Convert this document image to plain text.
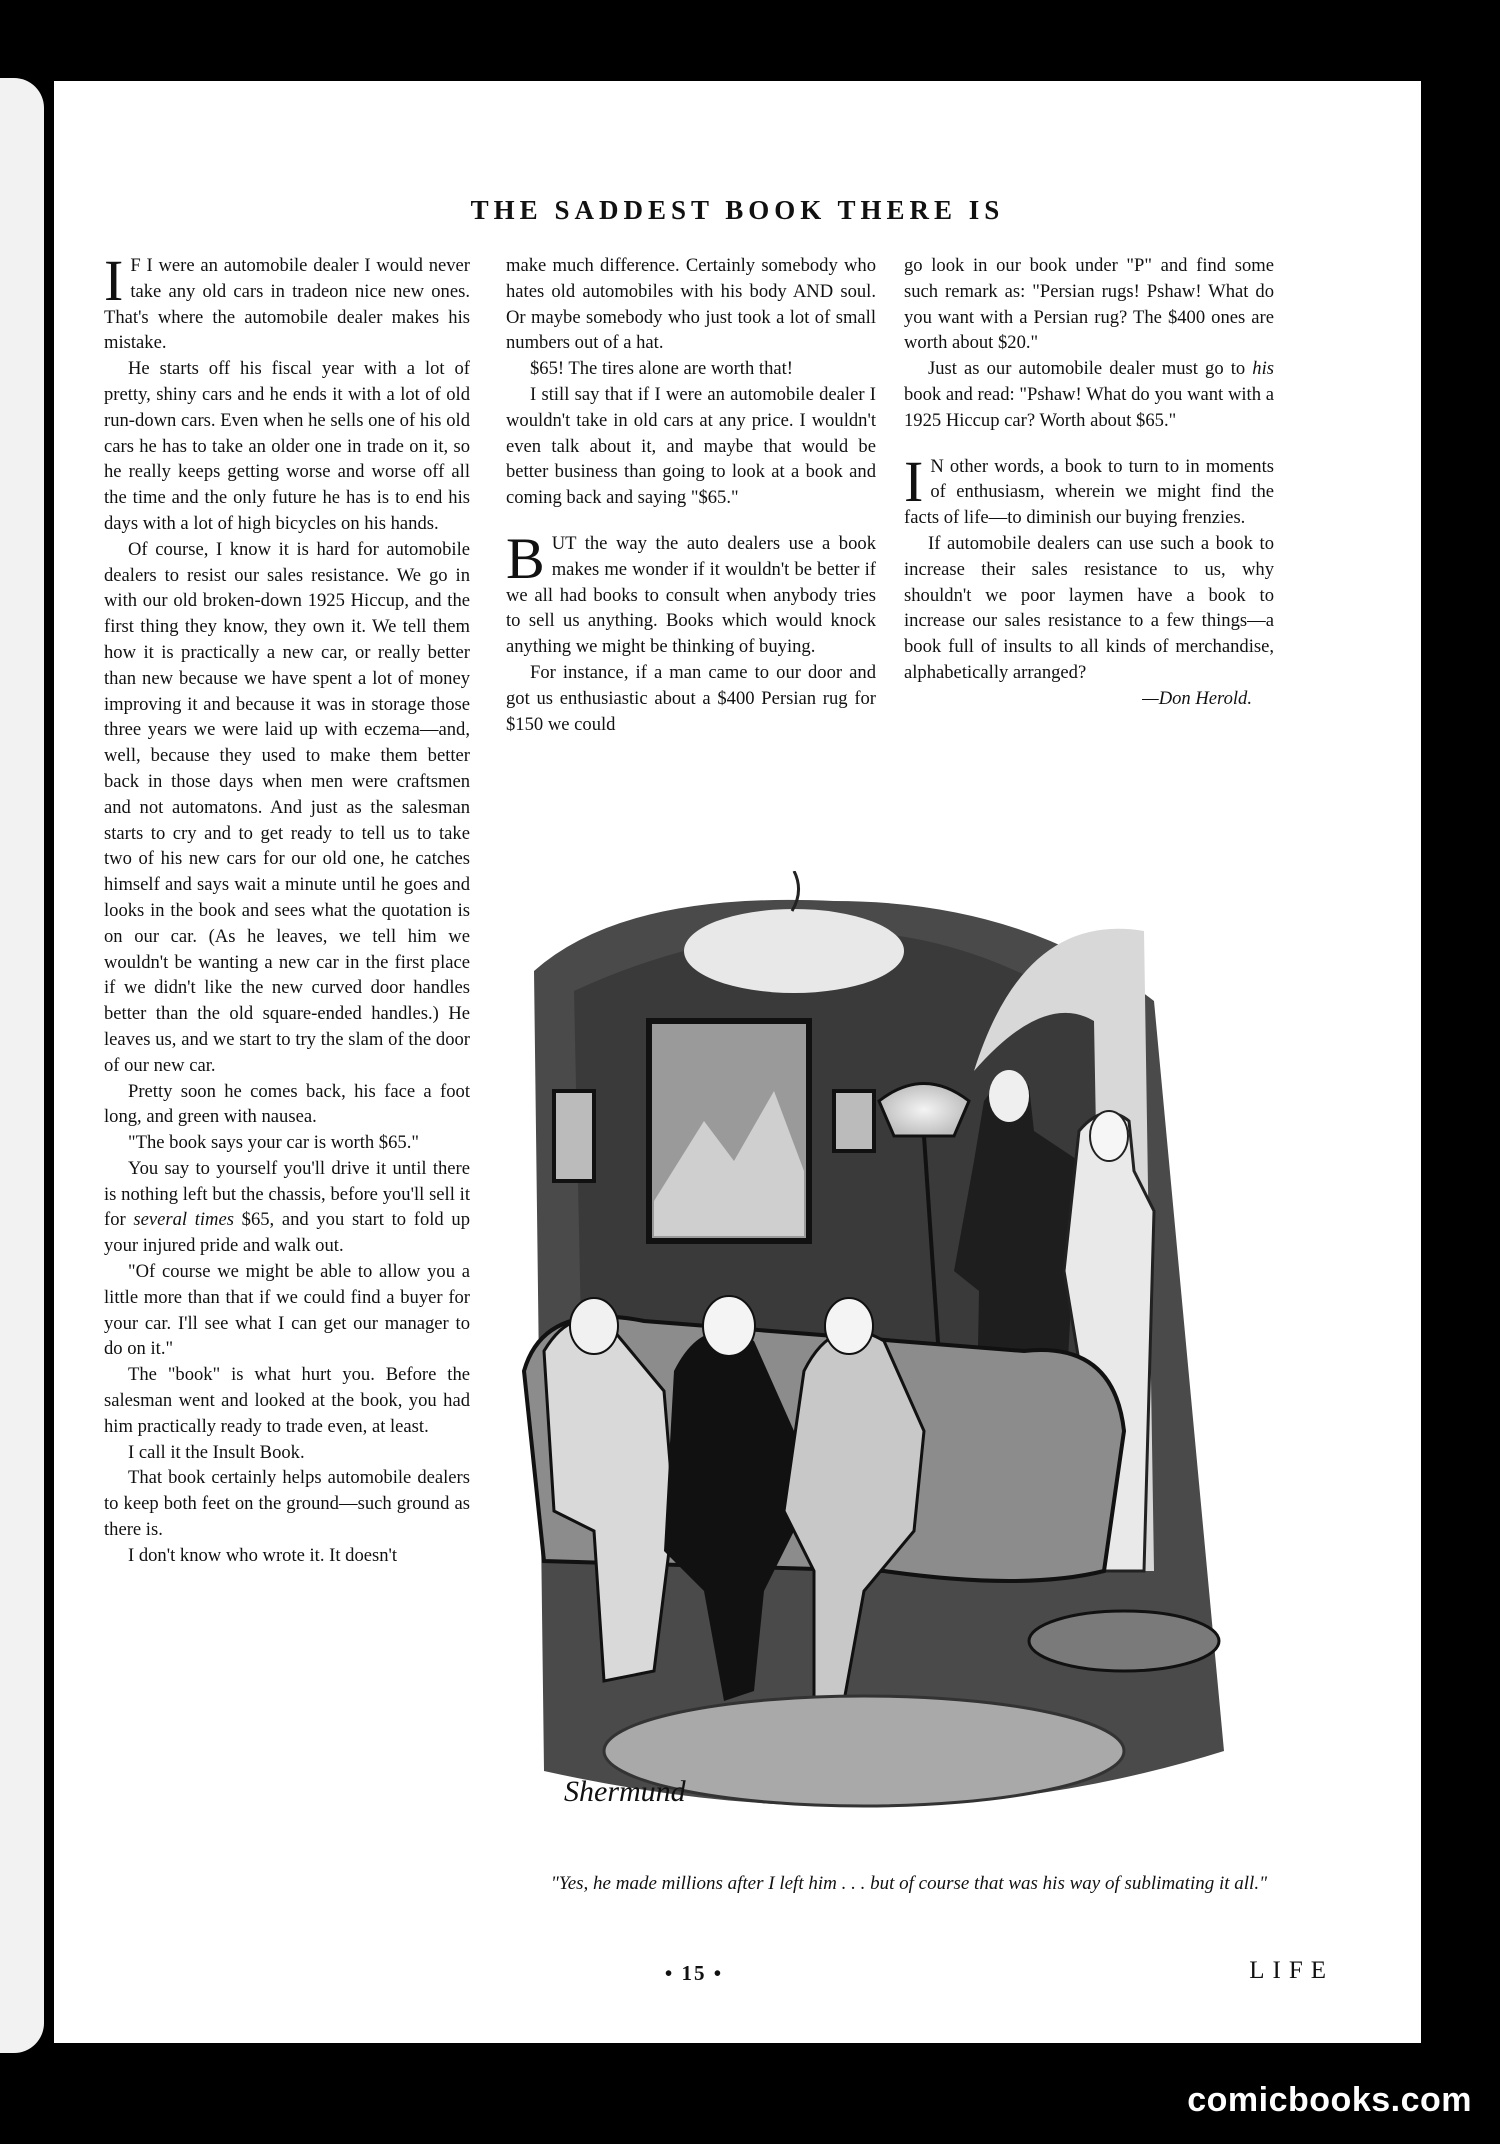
THE SADDEST BOOK THERE IS

I F I were an automobile dealer I would never take any old cars in tradeon nice new ones. That's where the automobile dealer makes his mistake.

He starts off his fiscal year with a lot of pretty, shiny cars and he ends it with a lot of old run-down cars. Even when he sells one of his old cars he has to take an older one in trade on it, so he really keeps getting worse and worse off all the time and the only future he has is to end his days with a lot of high bicycles on his hands.

Of course, I know it is hard for automobile dealers to resist our sales resistance. We go in with our old broken-down 1925 Hiccup, and the first thing they know, they own it. We tell them how it is practically a new car, or really better than new because we have spent a lot of money improving it and because it was in storage those three years we were laid up with eczema—and, well, because they used to make them better back in those days when men were craftsmen and not automatons. And just as the salesman starts to cry and to get ready to tell us to take two of his new cars for our old one, he catches himself and says wait a minute until he goes and looks in the book and sees what the quotation is on our car. (As he leaves, we tell him we wouldn't be wanting a new car in the first place if we didn't like the new curved door handles better than the old square-ended handles.) He leaves us, and we start to try the slam of the door of our new car.

Pretty soon he comes back, his face a foot long, and green with nausea.

"The book says your car is worth $65."

You say to yourself you'll drive it until there is nothing left but the chassis, before you'll sell it for several times $65, and you start to fold up your injured pride and walk out.

"Of course we might be able to allow you a little more than that if we could find a buyer for your car. I'll see what I can get our manager to do on it."

The "book" is what hurt you. Before the salesman went and looked at the book, you had him practically ready to trade even, at least.

I call it the Insult Book.

That book certainly helps automobile dealers to keep both feet on the ground—such ground as there is.

I don't know who wrote it. It doesn't

make much difference. Certainly somebody who hates old automobiles with his body AND soul. Or maybe somebody who just took a lot of small numbers out of a hat.

$65! The tires alone are worth that!

I still say that if I were an automobile dealer I wouldn't take in old cars at any price. I wouldn't even talk about it, and maybe that would be better business than going to look at a book and coming back and saying "$65."

BUT the way the auto dealers use a book makes me wonder if it wouldn't be better if we all had books to consult when anybody tries to sell us anything. Books which would knock anything we might be thinking of buying.

For instance, if a man came to our door and got us enthusiastic about a $400 Persian rug for $150 we could

go look in our book under "P" and find some such remark as: "Persian rugs! Pshaw! What do you want with a Persian rug? The $400 ones are worth about $20."

Just as our automobile dealer must go to his book and read: "Pshaw! What do you want with a 1925 Hiccup car? Worth about $65."

I N other words, a book to turn to in moments of enthusiasm, wherein we might find the facts of life—to diminish our buying frenzies.

If automobile dealers can use such a book to increase their sales resistance to us, why shouldn't we poor laymen have a book to increase our sales resistance to a few things—a book full of insults to all kinds of merchandise, alphabetically arranged?

—Don Herold.

Shermund

"Yes, he made millions after I left him . . . but of course that was his way of sublimating it all."

• 15 •	LIFE
comicbooks.com
